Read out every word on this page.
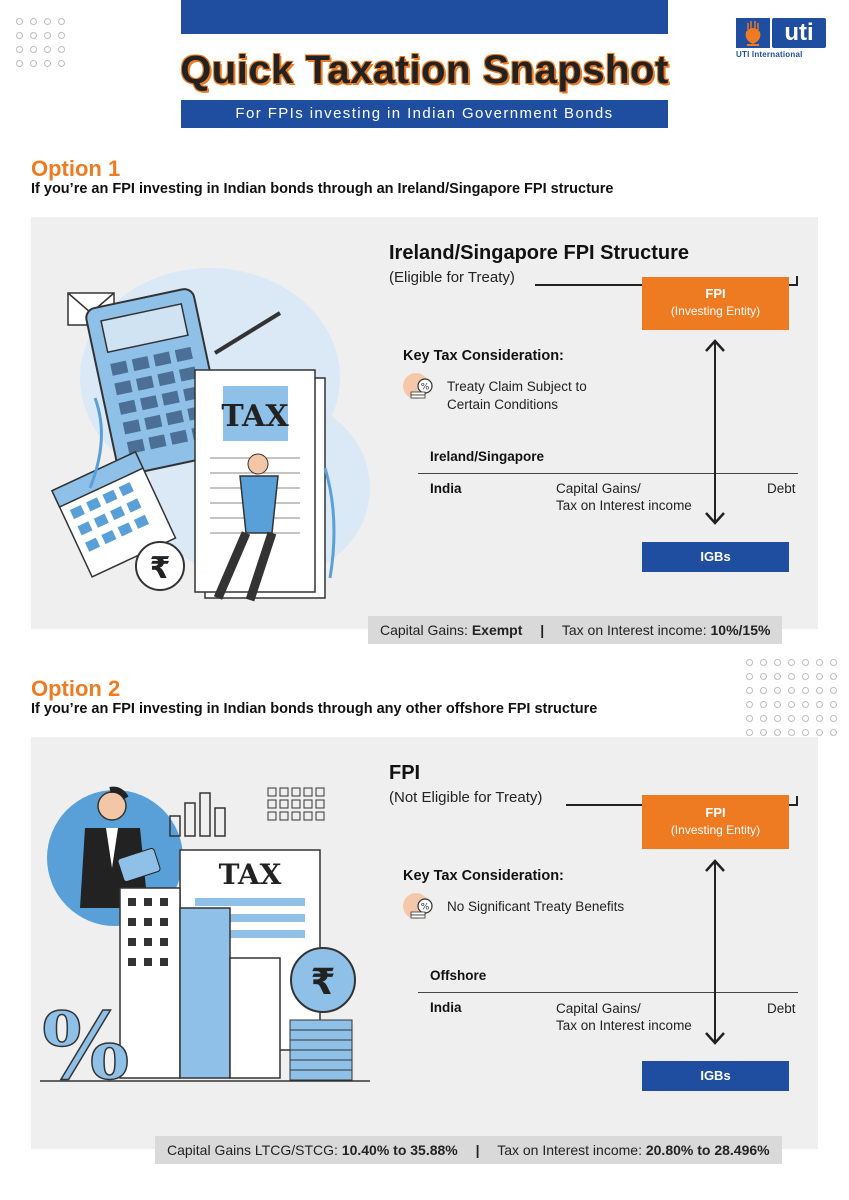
Quick Taxation Snapshot
For FPIs investing in Indian Government Bonds
uti
UTI International
Option 1
If you’re an FPI investing in Indian bonds through an Ireland/Singapore FPI structure
TAX
₹
Ireland/Singapore FPI Structure
(Eligible for Treaty)
FPI
(Investing Entity)
Key Tax Consideration:
% Treaty Claim Subject to
Certain Conditions
Ireland/Singapore
India	Capital Gains/
Tax on Interest income
Debt
IGBs
Capital Gains: Exempt | Tax on Interest income: 10%/15%
Option 2
If you’re an FPI investing in Indian bonds through any other offshore FPI structure
TAX
₹
%
FPI
(Not Eligible for Treaty)
FPI
(Investing Entity)
Key Tax Consideration:
% No Significant Treaty Benefits
Offshore
India	Capital Gains/
Tax on Interest income
Debt
IGBs
Capital Gains LTCG/STCG: 10.40% to 35.88% | Tax on Interest income: 20.80% to 28.496%
